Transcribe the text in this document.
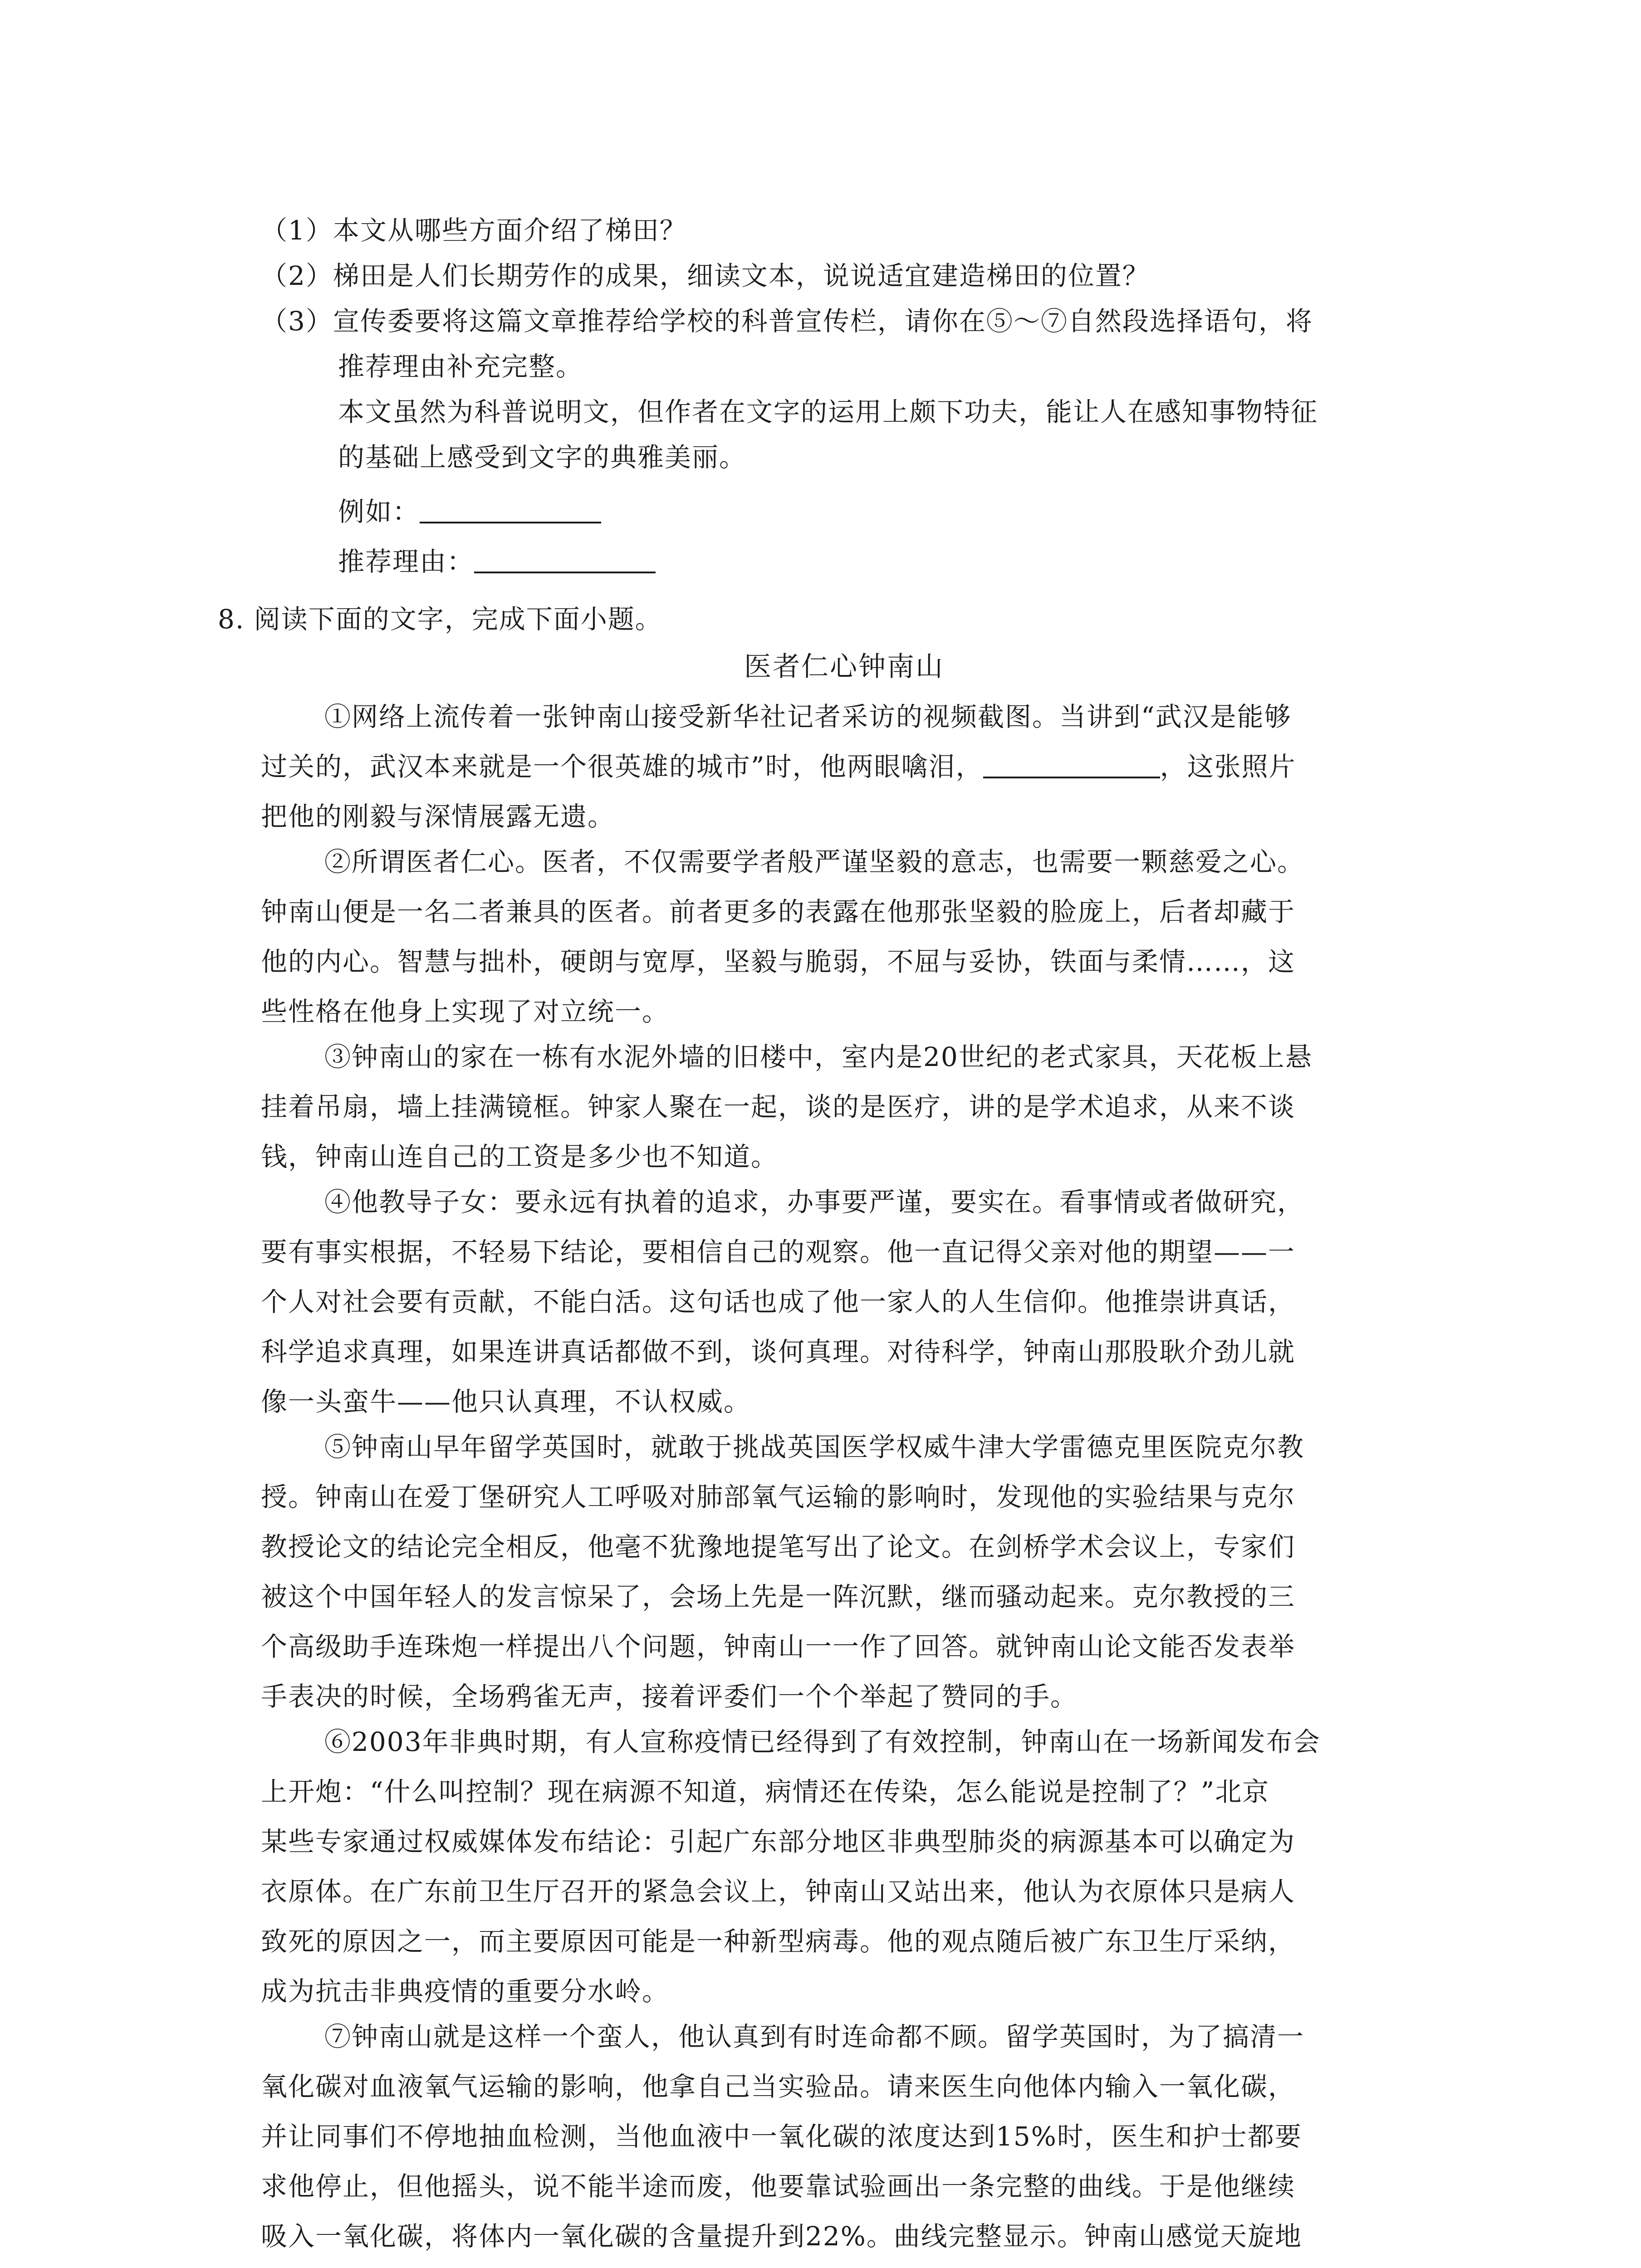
（1）本文从哪些方面介绍了梯田？
（2）梯田是人们长期劳作的成果，细读文本，说说适宜建造梯田的位置？
（3）宣传委要将这篇文章推荐给学校的科普宣传栏，请你在⑤～⑦自然段选择语句，将
推荐理由补充完整。
本文虽然为科普说明文，但作者在文字的运用上颇下功夫，能让人在感知事物特征
的基础上感受到文字的典雅美丽。
例如：
推荐理由：
8. 阅读下面的文字，完成下面小题。
医者仁心钟南山
①网络上流传着一张钟南山接受新华社记者采访的视频截图。当讲到“武汉是能够
过关的，武汉本来就是一个很英雄的城市”时，他两眼噙泪，	，这张照片
把他的刚毅与深情展露无遗。
②所谓医者仁心。医者，不仅需要学者般严谨坚毅的意志，也需要一颗慈爱之心。
钟南山便是一名二者兼具的医者。前者更多的表露在他那张坚毅的脸庞上，后者却藏于
他的内心。智慧与拙朴，硬朗与宽厚，坚毅与脆弱，不屈与妥协，铁面与柔情……，这
些性格在他身上实现了对立统一。
③钟南山的家在一栋有水泥外墙的旧楼中，室内是20世纪的老式家具，天花板上悬
挂着吊扇，墙上挂满镜框。钟家人聚在一起，谈的是医疗，讲的是学术追求，从来不谈
钱，钟南山连自己的工资是多少也不知道。
④他教导子女：要永远有执着的追求，办事要严谨，要实在。看事情或者做研究，
要有事实根据，不轻易下结论，要相信自己的观察。他一直记得父亲对他的期望——一
个人对社会要有贡献，不能白活。这句话也成了他一家人的人生信仰。他推崇讲真话，
科学追求真理，如果连讲真话都做不到，谈何真理。对待科学，钟南山那股耿介劲儿就
像一头蛮牛——他只认真理，不认权威。
⑤钟南山早年留学英国时，就敢于挑战英国医学权威牛津大学雷德克里医院克尔教
授。钟南山在爱丁堡研究人工呼吸对肺部氧气运输的影响时，发现他的实验结果与克尔
教授论文的结论完全相反，他毫不犹豫地提笔写出了论文。在剑桥学术会议上，专家们
被这个中国年轻人的发言惊呆了，会场上先是一阵沉默，继而骚动起来。克尔教授的三
个高级助手连珠炮一样提出八个问题，钟南山一一作了回答。就钟南山论文能否发表举
手表决的时候，全场鸦雀无声，接着评委们一个个举起了赞同的手。
⑥2003年非典时期，有人宣称疫情已经得到了有效控制，钟南山在一场新闻发布会
上开炮：“什么叫控制？现在病源不知道，病情还在传染，怎么能说是控制了？”北京
某些专家通过权威媒体发布结论：引起广东部分地区非典型肺炎的病源基本可以确定为
衣原体。在广东前卫生厅召开的紧急会议上，钟南山又站出来，他认为衣原体只是病人
致死的原因之一，而主要原因可能是一种新型病毒。他的观点随后被广东卫生厅采纳，
成为抗击非典疫情的重要分水岭。
⑦钟南山就是这样一个蛮人，他认真到有时连命都不顾。留学英国时，为了搞清一
氧化碳对血液氧气运输的影响，他拿自己当实验品。请来医生向他体内输入一氧化碳，
并让同事们不停地抽血检测，当他血液中一氧化碳的浓度达到15%时，医生和护士都要
求他停止，但他摇头，说不能半途而废，他要靠试验画出一条完整的曲线。于是他继续
吸入一氧化碳，将体内一氧化碳的含量提升到22%。曲线完整显示。钟南山感觉天旋地
